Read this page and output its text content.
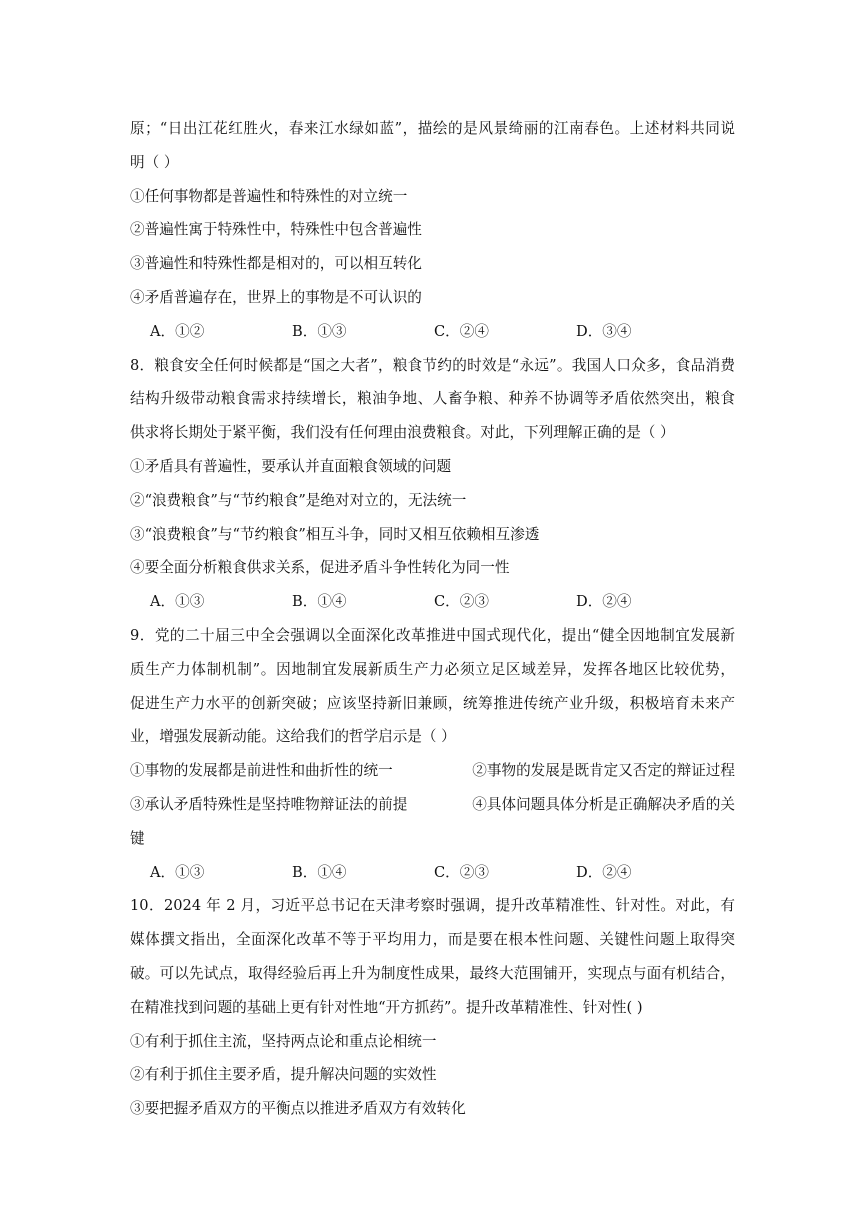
原；“日出江花红胜火，春来江水绿如蓝”，描绘的是风景绮丽的江南春色。上述材料共同说
明（ ）
①任何事物都是普遍性和特殊性的对立统一
②普遍性寓于特殊性中，特殊性中包含普遍性
③普遍性和特殊性都是相对的，可以相互转化
④矛盾普遍存在，世界上的事物是不可认识的
A．①②	B．①③	C．②④	D．③④
8．粮食安全任何时候都是“国之大者”，粮食节约的时效是“永远”。我国人口众多，食品消费
结构升级带动粮食需求持续增长，粮油争地、人畜争粮、种养不协调等矛盾依然突出，粮食
供求将长期处于紧平衡，我们没有任何理由浪费粮食。对此，下列理解正确的是（ ）
①矛盾具有普遍性，要承认并直面粮食领域的问题
②“浪费粮食”与“节约粮食”是绝对对立的，无法统一
③“浪费粮食”与“节约粮食”相互斗争，同时又相互依赖相互渗透
④要全面分析粮食供求关系，促进矛盾斗争性转化为同一性
A．①③	B．①④	C．②③	D．②④
9．党的二十届三中全会强调以全面深化改革推进中国式现代化，提出“健全因地制宜发展新
质生产力体制机制”。因地制宜发展新质生产力必须立足区域差异，发挥各地区比较优势，
促进生产力水平的创新突破；应该坚持新旧兼顾，统筹推进传统产业升级，积极培育未来产
业，增强发展新动能。这给我们的哲学启示是（ ）
①事物的发展都是前进性和曲折性的统一	②事物的发展是既肯定又否定的辩证过程
③承认矛盾特殊性是坚持唯物辩证法的前提	④具体问题具体分析是正确解决矛盾的关
键
A．①③	B．①④	C．②③	D．②④
10．2024 年 2 月，习近平总书记在天津考察时强调，提升改革精准性、针对性。对此，有
媒体撰文指出，全面深化改革不等于平均用力，而是要在根本性问题、关键性问题上取得突
破。可以先试点，取得经验后再上升为制度性成果，最终大范围铺开，实现点与面有机结合，
在精准找到问题的基础上更有针对性地“开方抓药”。提升改革精准性、针对性( )
①有利于抓住主流，坚持两点论和重点论相统一
②有利于抓住主要矛盾，提升解决问题的实效性
③要把握矛盾双方的平衡点以推进矛盾双方有效转化
